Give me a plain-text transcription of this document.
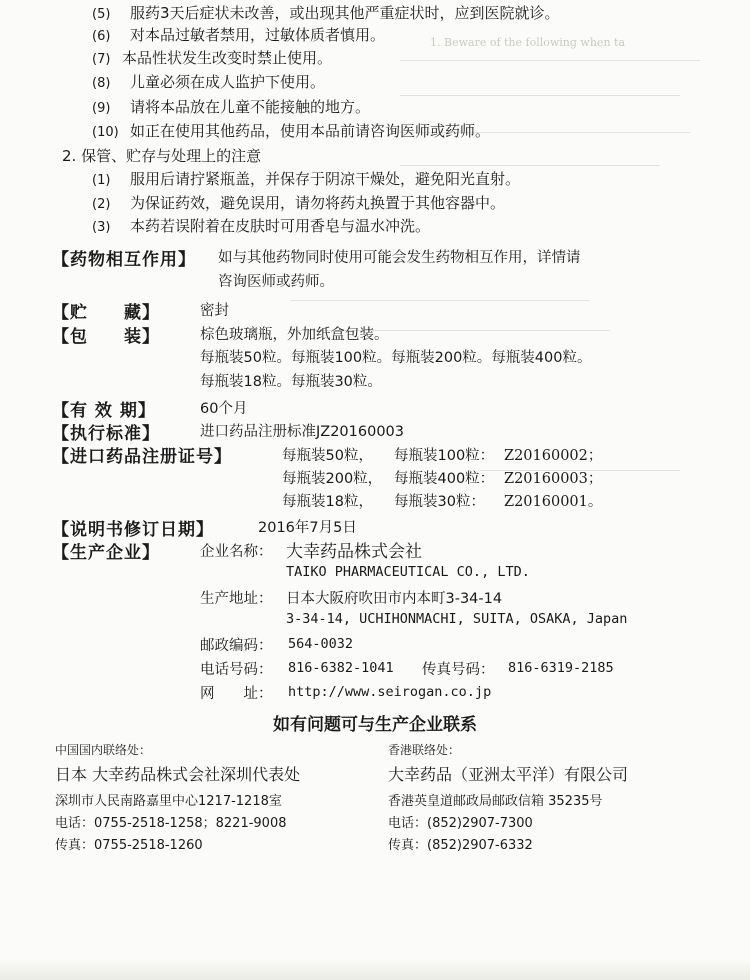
1. Beware of the following when ta
(5) 服药3天后症状未改善，或出现其他严重症状时，应到医院就诊。
(6) 对本品过敏者禁用，过敏体质者慎用。
(7) 本品性状发生改变时禁止使用。
(8) 儿童必须在成人监护下使用。
(9) 请将本品放在儿童不能接触的地方。
(10) 如正在使用其他药品，使用本品前请咨询医师或药师。
2. 保管、贮存与处理上的注意
(1) 服用后请拧紧瓶盖，并保存于阴凉干燥处，避免阳光直射。
(2) 为保证药效，避免误用，请勿将药丸换置于其他容器中。
(3) 本药若误附着在皮肤时可用香皂与温水冲洗。
【药物相互作用】 如与其他药物同时使用可能会发生药物相互作用，详情请
咨询医师或药师。
【贮　　藏】	密封
【包　　装】	棕色玻璃瓶，外加纸盒包装。
每瓶装50粒。每瓶装100粒。每瓶装200粒。每瓶装400粒。
每瓶装18粒。每瓶装30粒。
【有 效 期】	60个月
【执行标准】	进口药品注册标准JZ20160003
【进口药品注册证号】	每瓶装50粒， 每瓶装100粒： Z20160002；
每瓶装200粒， 每瓶装400粒： Z20160003；
每瓶装18粒， 每瓶装30粒： Z20160001。
【说明书修订日期】	2016年7月5日
【生产企业】	企业名称： 大幸药品株式会社
TAIKO PHARMACEUTICAL CO., LTD.
生产地址： 日本大阪府吹田市内本町3-34-14
3-34-14, UCHIHONMACHI, SUITA, OSAKA, Japan
邮政编码： 564-0032
电话号码： 816-6382-1041 传真号码： 816-6319-2185
网　　址： http://www.seirogan.co.jp
如有问题可与生产企业联系
中国国内联络处：
日本 大幸药品株式会社深圳代表处
深圳市人民南路嘉里中心1217-1218室
电话：0755-2518-1258；8221-9008
传真：0755-2518-1260
香港联络处：
大幸药品（亚洲太平洋）有限公司
香港英皇道邮政局邮政信箱 35235号
电话：(852)2907-7300
传真：(852)2907-6332
